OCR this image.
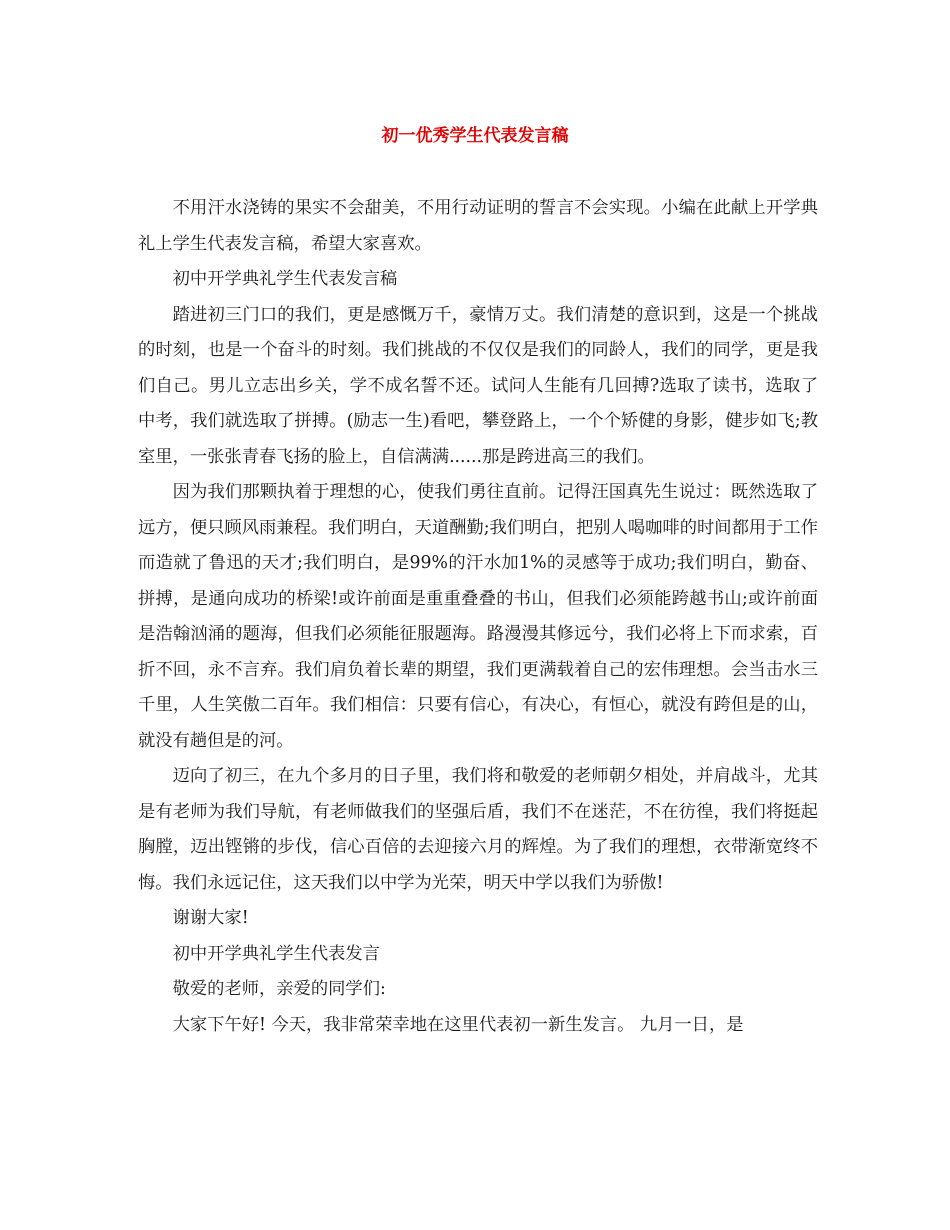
初一优秀学生代表发言稿

不用汗水浇铸的果实不会甜美，不用行动证明的誓言不会实现。小编在此献上开学典礼上学生代表发言稿，希望大家喜欢。

初中开学典礼学生代表发言稿

踏进初三门口的我们，更是感慨万千，豪情万丈。我们清楚的意识到，这是一个挑战的时刻，也是一个奋斗的时刻。我们挑战的不仅仅是我们的同龄人，我们的同学，更是我们自己。男儿立志出乡关，学不成名誓不还。试问人生能有几回搏?选取了读书，选取了中考，我们就选取了拼搏。(励志一生)看吧，攀登路上，一个个矫健的身影，健步如飞;教室里，一张张青春飞扬的脸上，自信满满......那是跨进高三的我们。

因为我们那颗执着于理想的心，使我们勇往直前。记得汪国真先生说过：既然选取了远方，便只顾风雨兼程。我们明白，天道酬勤;我们明白，把别人喝咖啡的时间都用于工作而造就了鲁迅的天才;我们明白，是99%的汗水加1%的灵感等于成功;我们明白，勤奋、拼搏，是通向成功的桥梁!或许前面是重重叠叠的书山，但我们必须能跨越书山;或许前面是浩翰汹涌的题海，但我们必须能征服题海。路漫漫其修远兮，我们必将上下而求索，百折不回，永不言弃。我们肩负着长辈的期望，我们更满载着自己的宏伟理想。会当击水三千里，人生笑傲二百年。我们相信：只要有信心，有决心，有恒心，就没有跨但是的山，就没有趟但是的河。

迈向了初三，在九个多月的日子里，我们将和敬爱的老师朝夕相处，并肩战斗，尤其是有老师为我们导航，有老师做我们的坚强后盾，我们不在迷茫，不在彷徨，我们将挺起胸膛，迈出铿锵的步伐，信心百倍的去迎接六月的辉煌。为了我们的理想，衣带渐宽终不悔。我们永远记住，这天我们以中学为光荣，明天中学以我们为骄傲!

谢谢大家!

初中开学典礼学生代表发言

敬爱的老师，亲爱的同学们:

大家下午好! 今天，我非常荣幸地在这里代表初一新生发言。 九月一日，是
